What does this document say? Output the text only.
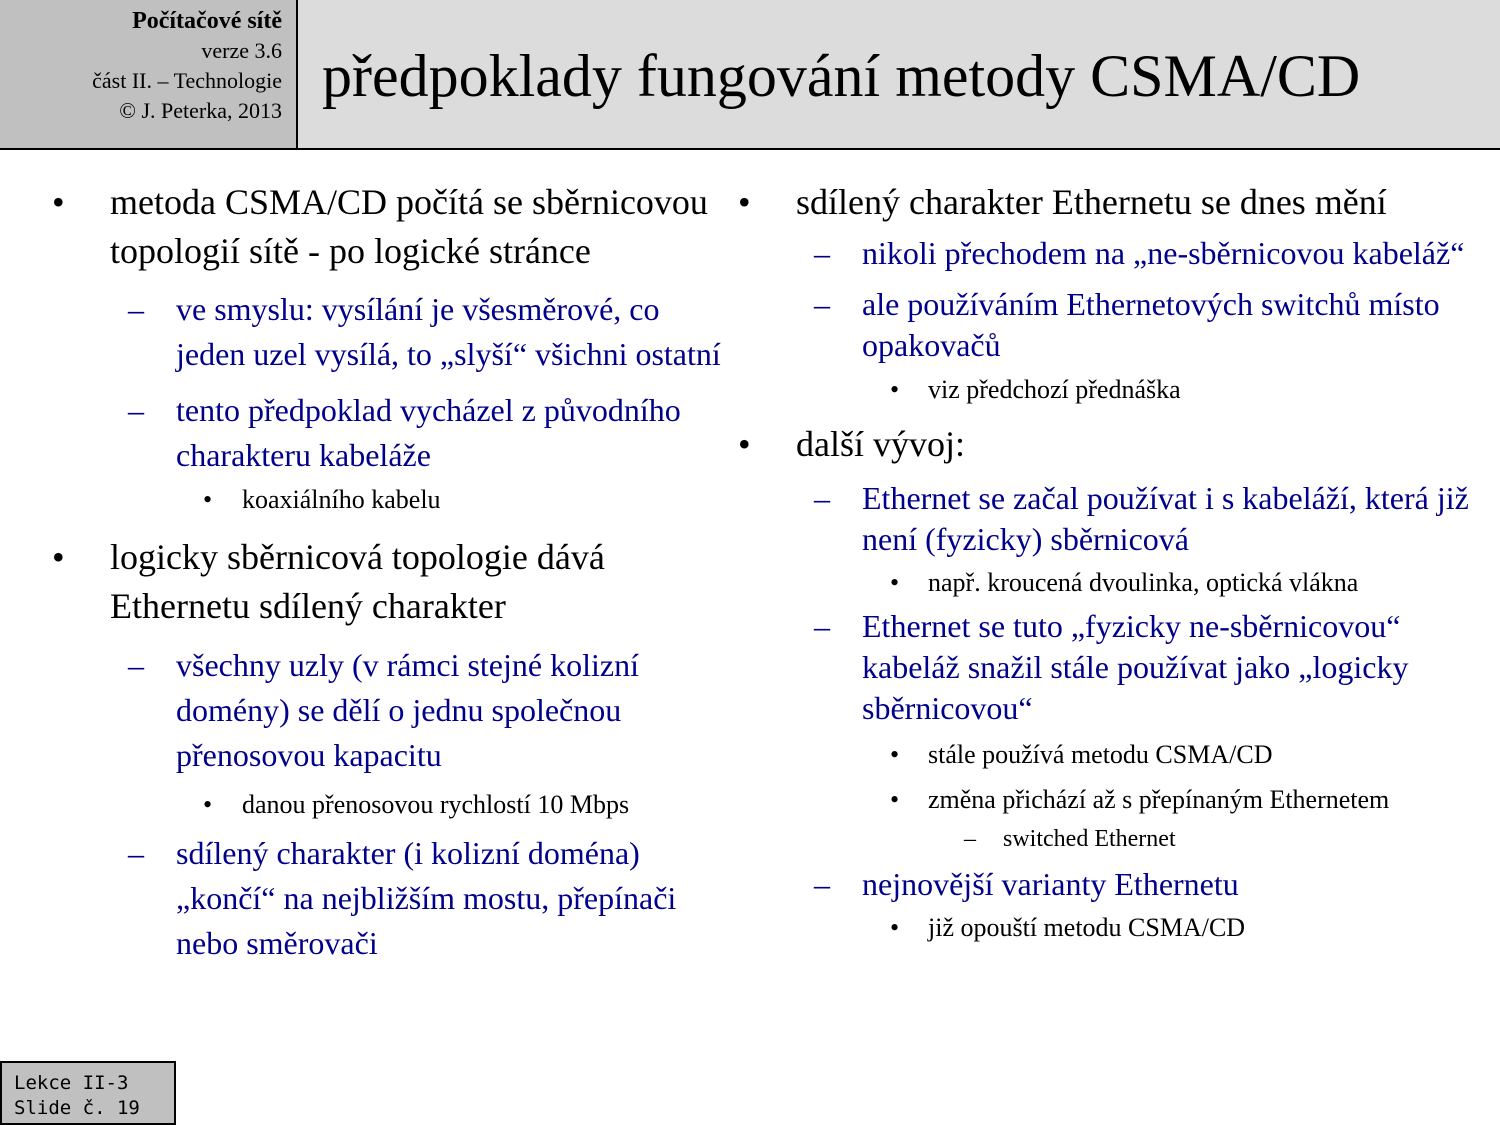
Počítačové sítě
verze 3.6
část II. – Technologie
© J. Peterka, 2013
předpoklady fungování metody CSMA/CD
• metoda CSMA/CD počítá se sběrnicovou topologií sítě - po logické stránce
– ve smyslu: vysílání je všesměrové, co jeden uzel vysílá, to „slyší“ všichni ostatní
– tento předpoklad vycházel z původního charakteru kabeláže
• koaxiálního kabelu
• logicky sběrnicová topologie dává Ethernetu sdílený charakter
– všechny uzly (v rámci stejné kolizní domény) se dělí o jednu společnou přenosovou kapacitu
• danou přenosovou rychlostí 10 Mbps
– sdílený charakter (i kolizní doména) „končí“ na nejbližším mostu, přepínači nebo směrovači
• sdílený charakter Ethernetu se dnes mění
– nikoli přechodem na „ne-sběrnicovou kabeláž“
– ale používáním Ethernetových switchů místo opakovačů
• viz předchozí přednáška
• další vývoj:
– Ethernet se začal používat i s kabeláží, která již není (fyzicky) sběrnicová
• např. kroucená dvoulinka, optická vlákna
– Ethernet se tuto „fyzicky ne-sběrnicovou“ kabeláž snažil stále používat jako „logicky sběrnicovou“
• stále používá metodu CSMA/CD
• změna přichází až s přepínaným Ethernetem
– switched Ethernet
– nejnovější varianty Ethernetu
• již opouští metodu CSMA/CD
Lekce II-3
Slide č. 19
